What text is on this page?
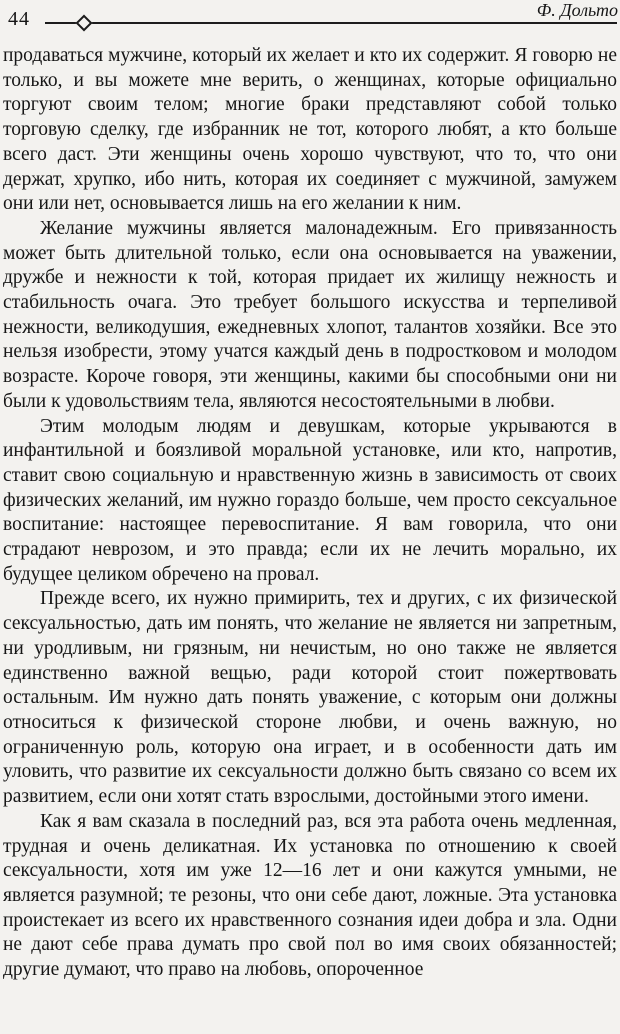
44	Ф. Дольто

продаваться мужчине, который их желает и кто их содержит. Я говорю не только, и вы можете мне верить, о женщинах, которые официально торгуют своим телом; многие браки представляют собой только торговую сделку, где избранник не тот, которого любят, а кто больше всего даст. Эти женщины очень хорошо чувствуют, что то, что они держат, хрупко, ибо нить, которая их соединяет с мужчиной, замужем они или нет, основывается лишь на его желании к ним.

Желание мужчины является малонадежным. Его привязанность может быть длительной только, если она основывается на уважении, дружбе и нежности к той, которая придает их жилищу нежность и стабильность очага. Это требует большого искусства и терпеливой нежности, великодушия, ежедневных хлопот, талантов хозяйки. Все это нельзя изобрести, этому учатся каждый день в подростковом и молодом возрасте. Короче говоря, эти женщины, какими бы способными они ни были к удовольствиям тела, являются несостоятельными в любви.

Этим молодым людям и девушкам, которые укрываются в инфантильной и боязливой моральной установке, или кто, напротив, ставит свою социальную и нравственную жизнь в зависимость от своих физических желаний, им нужно гораздо больше, чем просто сексуальное воспитание: настоящее перевоспитание. Я вам говорила, что они страдают неврозом, и это правда; если их не лечить морально, их будущее целиком обречено на провал.

Прежде всего, их нужно примирить, тех и других, с их физической сексуальностью, дать им понять, что желание не является ни запретным, ни уродливым, ни грязным, ни нечистым, но оно также не является единственно важной вещью, ради которой стоит пожертвовать остальным. Им нужно дать понять уважение, с которым они должны относиться к физической стороне любви, и очень важную, но ограниченную роль, которую она играет, и в особенности дать им уловить, что развитие их сексуальности должно быть связано со всем их развитием, если они хотят стать взрослыми, достойными этого имени.

Как я вам сказала в последний раз, вся эта работа очень медленная, трудная и очень деликатная. Их установка по отношению к своей сексуальности, хотя им уже 12—16 лет и они кажутся умными, не является разумной; те резоны, что они себе дают, ложные. Эта установка проистекает из всего их нравственного сознания идеи добра и зла. Одни не дают себе права думать про свой пол во имя своих обязанностей; другие думают, что право на любовь, опороченное
